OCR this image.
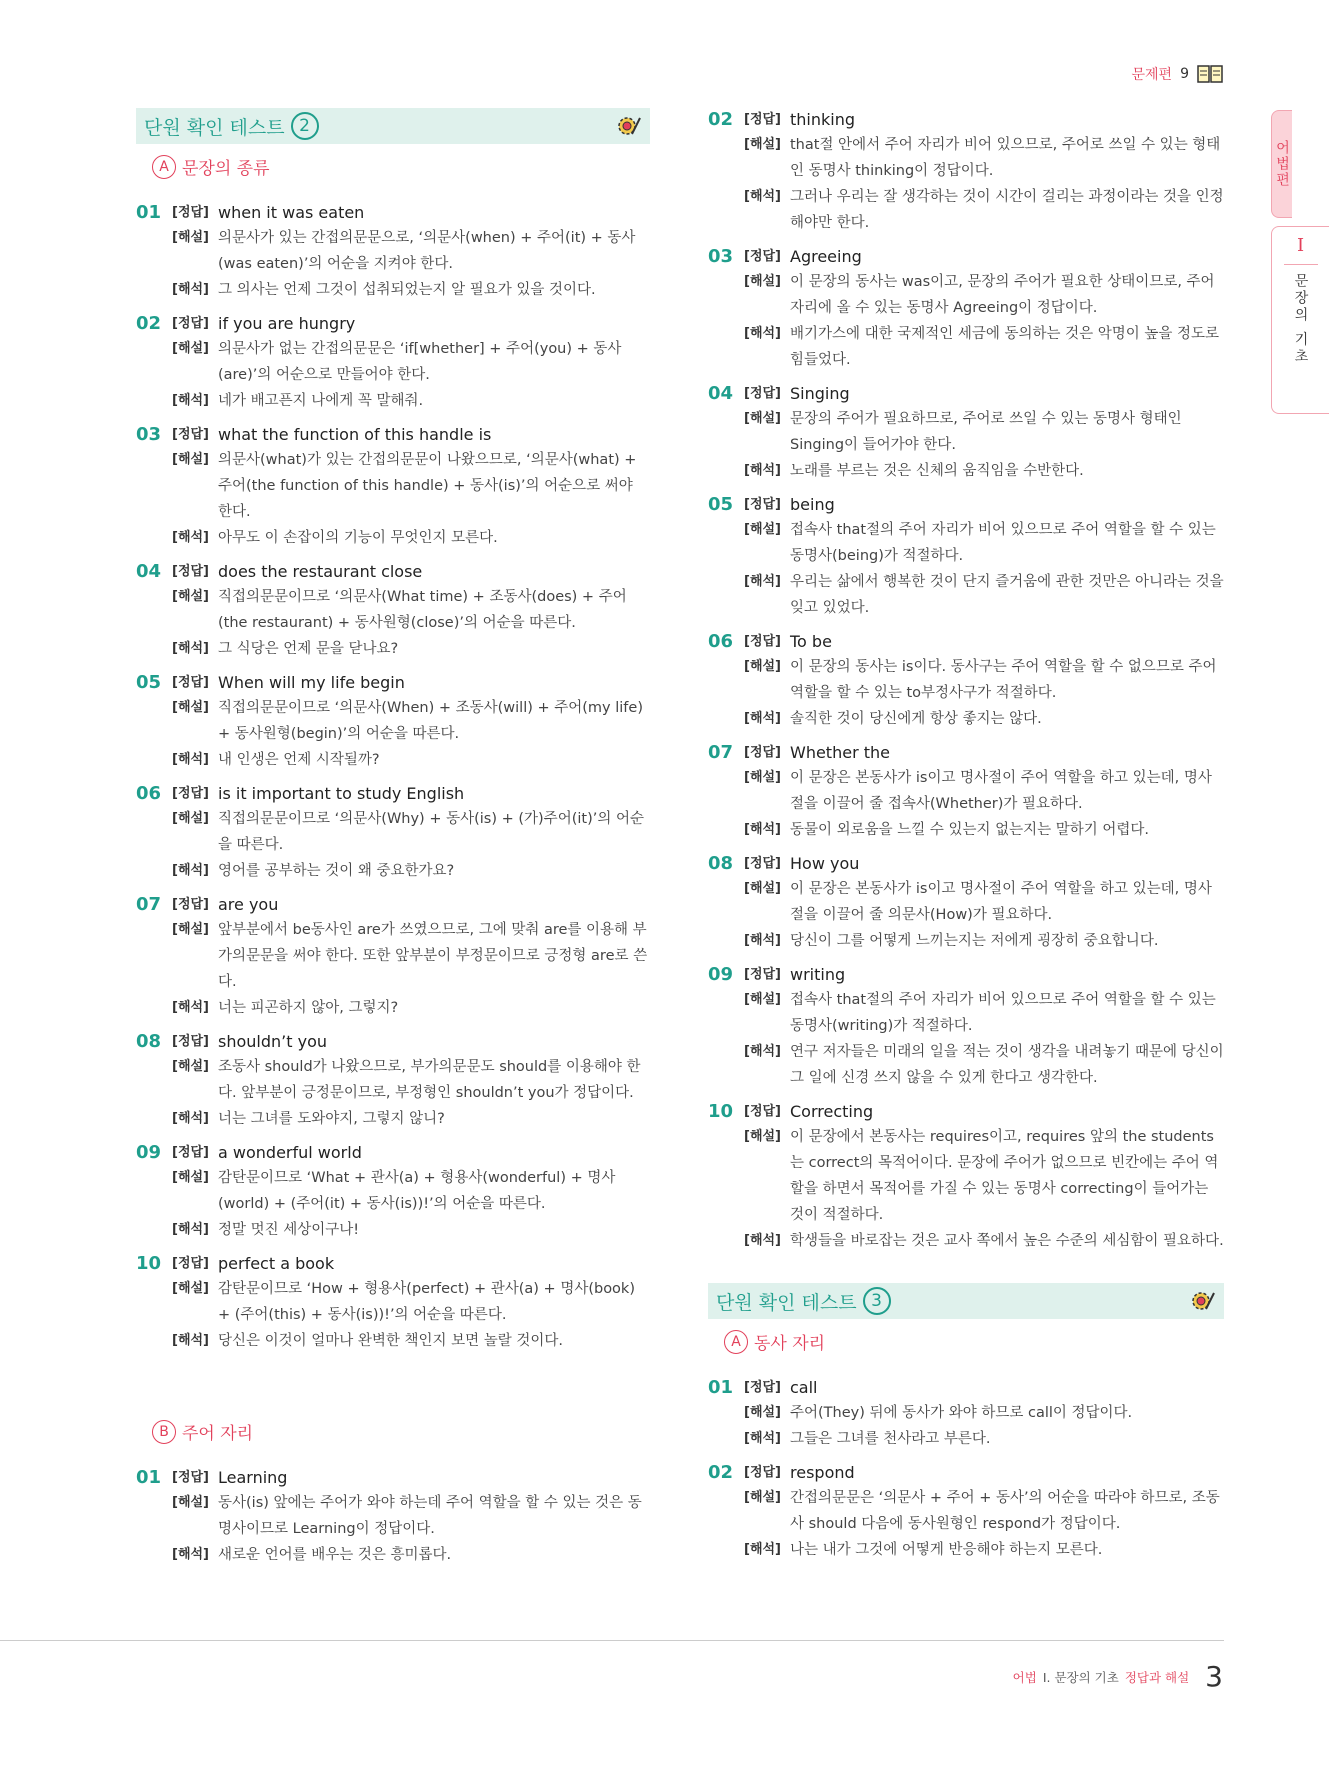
문제편 9
단원 확인 테스트 2
A 문장의 종류
01 [정답] when it was eaten
[해설] 의문사가 있는 간접의문문으로, ‘의문사(when) + 주어(it) + 동사(was eaten)’의 어순을 지켜야 한다.
[해석] 그 의사는 언제 그것이 섭취되었는지 알 필요가 있을 것이다.
02 [정답] if you are hungry
[해설] 의문사가 없는 간접의문문은 ‘if[whether] + 주어(you) + 동사(are)’의 어순으로 만들어야 한다.
[해석] 네가 배고픈지 나에게 꼭 말해줘.
03 [정답] what the function of this handle is
[해설] 의문사(what)가 있는 간접의문문이 나왔으므로, ‘의문사(what) + 주어(the function of this handle) + 동사(is)’의 어순으로 써야 한다.
[해석] 아무도 이 손잡이의 기능이 무엇인지 모른다.
04 [정답] does the restaurant close
[해설] 직접의문문이므로 ‘의문사(What time) + 조동사(does) + 주어(the restaurant) + 동사원형(close)’의 어순을 따른다.
[해석] 그 식당은 언제 문을 닫나요?
05 [정답] When will my life begin
[해설] 직접의문문이므로 ‘의문사(When) + 조동사(will) + 주어(my life) + 동사원형(begin)’의 어순을 따른다.
[해석] 내 인생은 언제 시작될까?
06 [정답] is it important to study English
[해설] 직접의문문이므로 ‘의문사(Why) + 동사(is) + (가)주어(it)’의 어순을 따른다.
[해석] 영어를 공부하는 것이 왜 중요한가요?
07 [정답] are you
[해설] 앞부분에서 be동사인 are가 쓰였으므로, 그에 맞춰 are를 이용해 부가의문문을 써야 한다. 또한 앞부분이 부정문이므로 긍정형 are로 쓴다.
[해석] 너는 피곤하지 않아, 그렇지?
08 [정답] shouldn’t you
[해설] 조동사 should가 나왔으므로, 부가의문문도 should를 이용해야 한다. 앞부분이 긍정문이므로, 부정형인 shouldn’t you가 정답이다.
[해석] 너는 그녀를 도와야지, 그렇지 않니?
09 [정답] a wonderful world
[해설] 감탄문이므로 ‘What + 관사(a) + 형용사(wonderful) + 명사(world) + (주어(it) + 동사(is))!’의 어순을 따른다.
[해석] 정말 멋진 세상이구나!
10 [정답] perfect a book
[해설] 감탄문이므로 ‘How + 형용사(perfect) + 관사(a) + 명사(book) + (주어(this) + 동사(is))!’의 어순을 따른다.
[해석] 당신은 이것이 얼마나 완벽한 책인지 보면 놀랄 것이다.
B 주어 자리
01 [정답] Learning
[해설] 동사(is) 앞에는 주어가 와야 하는데 주어 역할을 할 수 있는 것은 동명사이므로 Learning이 정답이다.
[해석] 새로운 언어를 배우는 것은 흥미롭다.
02 [정답] thinking
[해설] that절 안에서 주어 자리가 비어 있으므로, 주어로 쓰일 수 있는 형태인 동명사 thinking이 정답이다.
[해석] 그러나 우리는 잘 생각하는 것이 시간이 걸리는 과정이라는 것을 인정해야만 한다.
03 [정답] Agreeing
[해설] 이 문장의 동사는 was이고, 문장의 주어가 필요한 상태이므로, 주어 자리에 올 수 있는 동명사 Agreeing이 정답이다.
[해석] 배기가스에 대한 국제적인 세금에 동의하는 것은 악명이 높을 정도로 힘들었다.
04 [정답] Singing
[해설] 문장의 주어가 필요하므로, 주어로 쓰일 수 있는 동명사 형태인 Singing이 들어가야 한다.
[해석] 노래를 부르는 것은 신체의 움직임을 수반한다.
05 [정답] being
[해설] 접속사 that절의 주어 자리가 비어 있으므로 주어 역할을 할 수 있는 동명사(being)가 적절하다.
[해석] 우리는 삶에서 행복한 것이 단지 즐거움에 관한 것만은 아니라는 것을 잊고 있었다.
06 [정답] To be
[해설] 이 문장의 동사는 is이다. 동사구는 주어 역할을 할 수 없으므로 주어 역할을 할 수 있는 to부정사구가 적절하다.
[해석] 솔직한 것이 당신에게 항상 좋지는 않다.
07 [정답] Whether the
[해설] 이 문장은 본동사가 is이고 명사절이 주어 역할을 하고 있는데, 명사절을 이끌어 줄 접속사(Whether)가 필요하다.
[해석] 동물이 외로움을 느낄 수 있는지 없는지는 말하기 어렵다.
08 [정답] How you
[해설] 이 문장은 본동사가 is이고 명사절이 주어 역할을 하고 있는데, 명사절을 이끌어 줄 의문사(How)가 필요하다.
[해석] 당신이 그를 어떻게 느끼는지는 저에게 굉장히 중요합니다.
09 [정답] writing
[해설] 접속사 that절의 주어 자리가 비어 있으므로 주어 역할을 할 수 있는 동명사(writing)가 적절하다.
[해석] 연구 저자들은 미래의 일을 적는 것이 생각을 내려놓기 때문에 당신이 그 일에 신경 쓰지 않을 수 있게 한다고 생각한다.
10 [정답] Correcting
[해설] 이 문장에서 본동사는 requires이고, requires 앞의 the students는 correct의 목적어이다. 문장에 주어가 없으므로 빈칸에는 주어 역할을 하면서 목적어를 가질 수 있는 동명사 correcting이 들어가는 것이 적절하다.
[해석] 학생들을 바로잡는 것은 교사 쪽에서 높은 수준의 세심함이 필요하다.
단원 확인 테스트 3
A 동사 자리
01 [정답] call
[해설] 주어(They) 뒤에 동사가 와야 하므로 call이 정답이다.
[해석] 그들은 그녀를 천사라고 부른다.
02 [정답] respond
[해설] 간접의문문은 ‘의문사 + 주어 + 동사’의 어순을 따라야 하므로, 조동사 should 다음에 동사원형인 respond가 정답이다.
[해석] 나는 내가 그것에 어떻게 반응해야 하는지 모른다.
어법편
I
문장의 기초
어법 I. 문장의 기초 정답과 해설 3
